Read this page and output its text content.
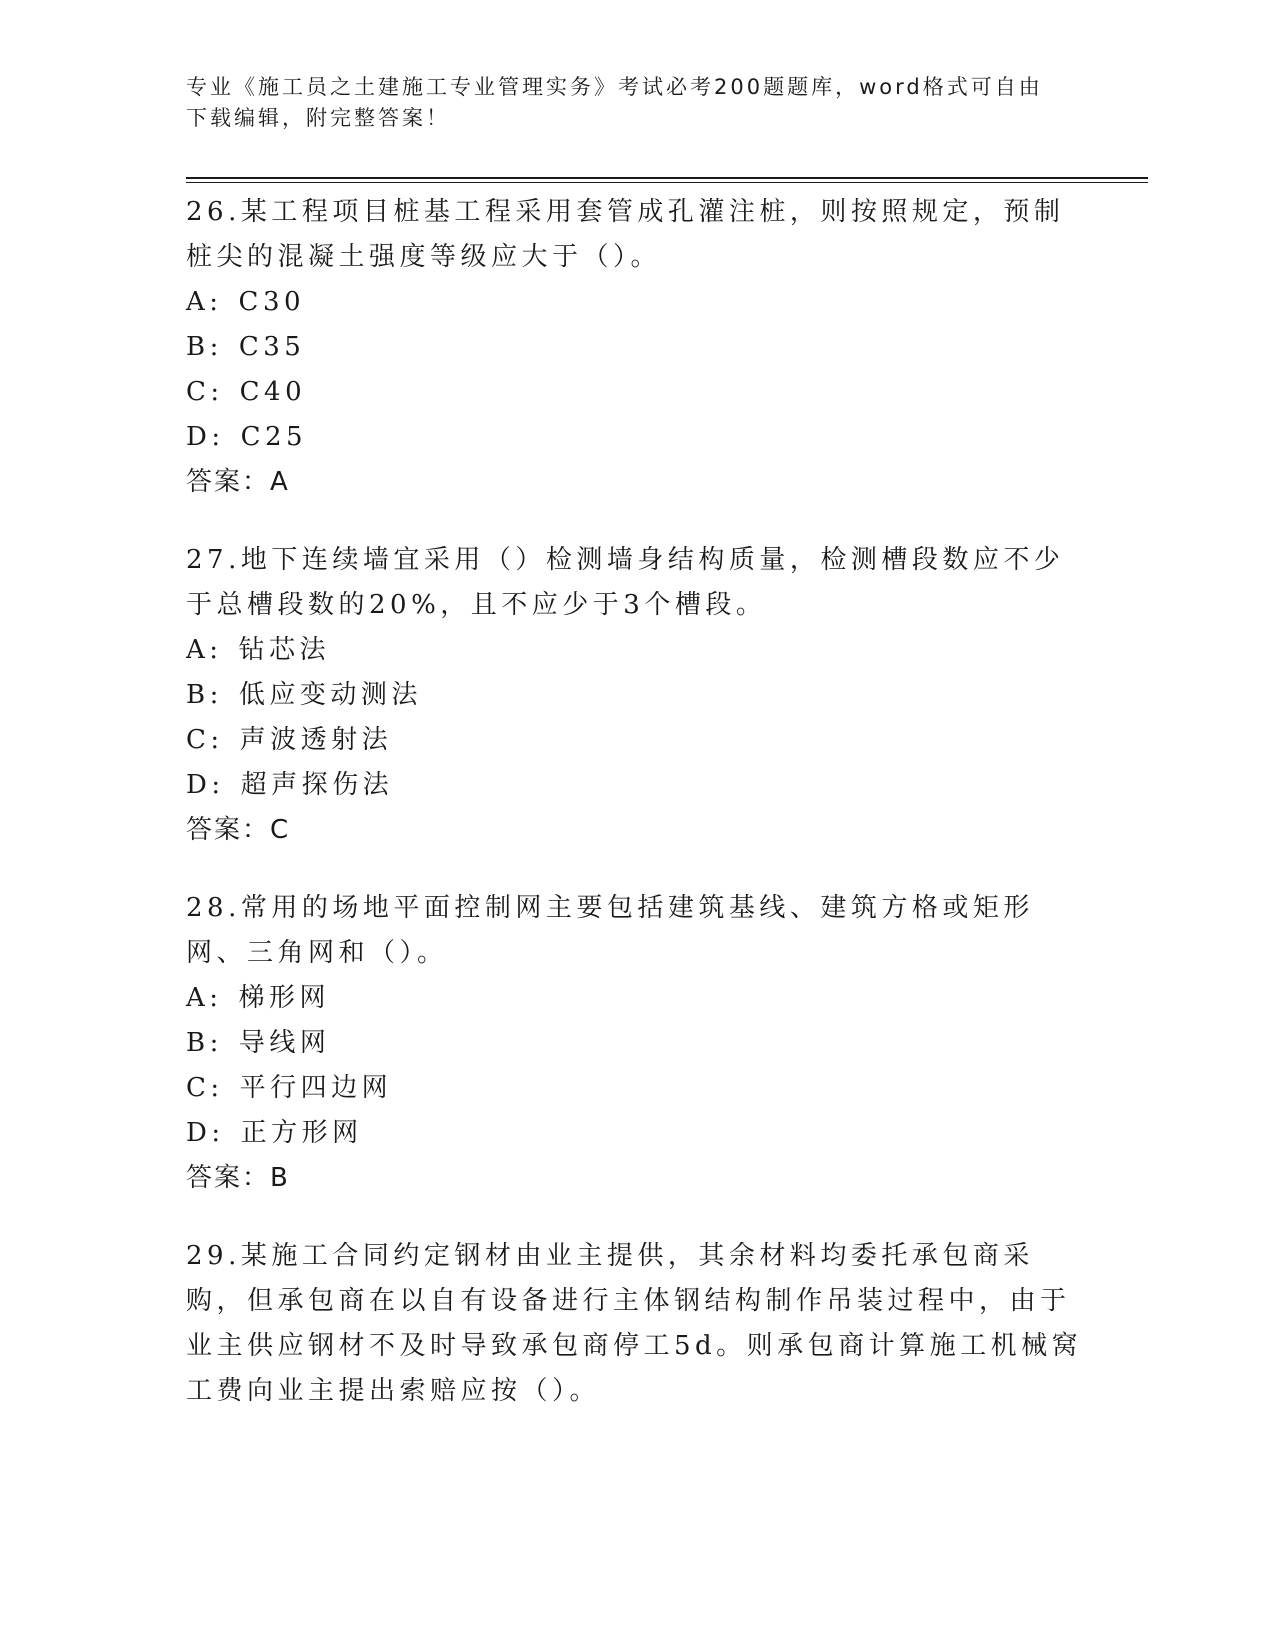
专业《施工员之土建施工专业管理实务》考试必考200题题库，word格式可自由下载编辑，附完整答案！

26.某工程项目桩基工程采用套管成孔灌注桩，则按照规定，预制桩尖的混凝土强度等级应大于（）。

A: C30
B: C35
C: C40
D: C25
答案：A

27.地下连续墙宜采用（）检测墙身结构质量，检测槽段数应不少于总槽段数的20%，且不应少于3个槽段。

A: 钻芯法
B: 低应变动测法
C: 声波透射法
D: 超声探伤法
答案：C

28.常用的场地平面控制网主要包括建筑基线、建筑方格或矩形网、三角网和（）。

A: 梯形网
B: 导线网
C: 平行四边网
D: 正方形网
答案：B

29.某施工合同约定钢材由业主提供，其余材料均委托承包商采购，但承包商在以自有设备进行主体钢结构制作吊装过程中，由于业主供应钢材不及时导致承包商停工5d。则承包商计算施工机械窝工费向业主提出索赔应按（）。
